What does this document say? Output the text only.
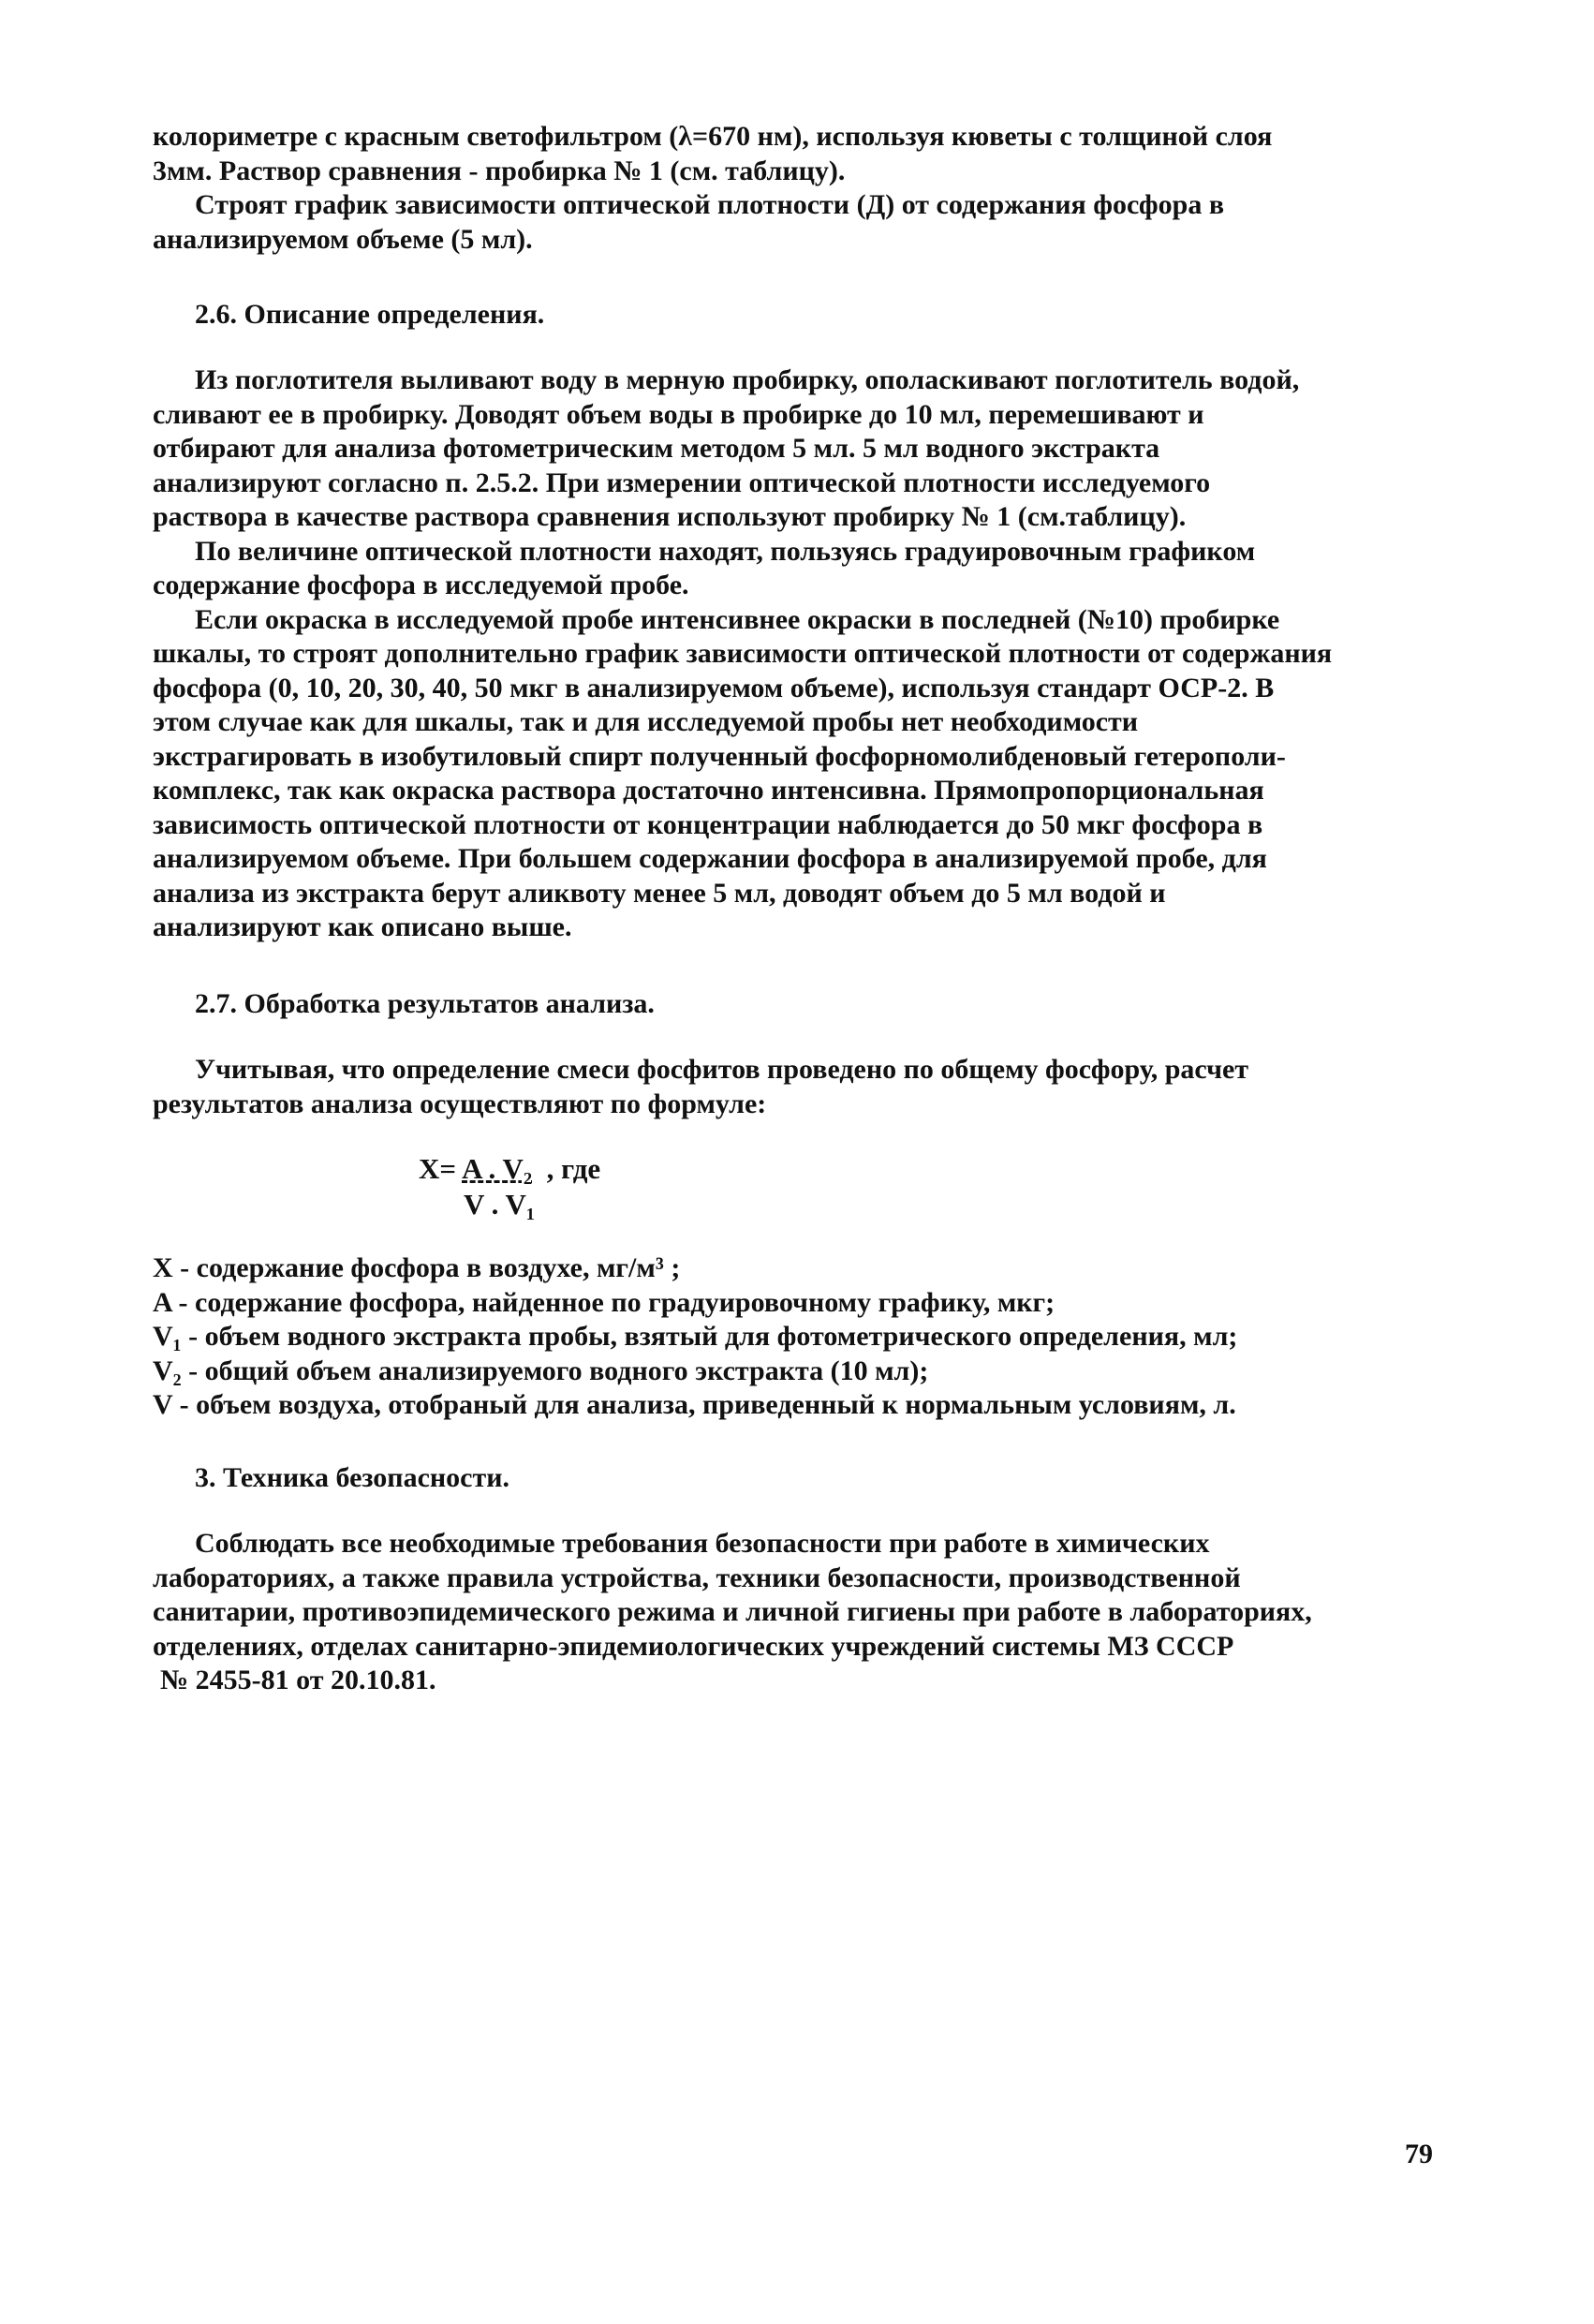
колориметре с красным светофильтром (λ=670 нм), используя кюветы с толщиной слоя
3мм. Раствор сравнения - пробирка № 1 (см. таблицу).
Строят график зависимости оптической плотности (Д) от содержания фосфора в
анализируемом объеме (5 мл).
2.6. Описание определения.
Из поглотителя выливают воду в мерную пробирку, ополаскивают поглотитель водой,
сливают ее в пробирку. Доводят объем воды в пробирке до 10 мл, перемешивают и
отбирают для анализа фотометрическим методом 5 мл. 5 мл водного экстракта
анализируют согласно п. 2.5.2. При измерении оптической плотности исследуемого
раствора в качестве раствора сравнения используют пробирку № 1 (см.таблицу).
По величине оптической плотности находят, пользуясь градуировочным графиком
содержание фосфора в исследуемой пробе.
Если окраска в исследуемой пробе интенсивнее окраски в последней (№10) пробирке
шкалы, то строят дополнительно график зависимости оптической плотности от содержания
фосфора (0, 10, 20, 30, 40, 50 мкг в анализируемом объеме), используя стандарт ОСР-2. В
этом случае как для шкалы, так и для исследуемой пробы нет необходимости
экстрагировать в изобутиловый спирт полученный фосфорномолибденовый гетерополи-
комплекс, так как окраска раствора достаточно интенсивна. Прямопропорциональная
зависимость оптической плотности от концентрации наблюдается до 50 мкг фосфора в
анализируемом объеме. При большем содержании фосфора в анализируемой пробе, для
анализа из экстракта берут аликвоту менее 5 мл, доводят объем до 5 мл водой и
анализируют как описано выше.
2.7. Обработка результатов анализа.
Учитывая, что определение смеси фосфитов проведено по общему фосфору, расчет
результатов анализа осуществляют по формуле:
X= A . V₂ , где
V . V₁
X - содержание фосфора в воздухе, мг/м³ ;
A - содержание фосфора, найденное по градуировочному графику, мкг;
V₁ - объем водного экстракта пробы, взятый для фотометрического определения, мл;
V₂ - общий объем анализируемого водного экстракта (10 мл);
V - объем воздуха, отобраный для анализа, приведенный к нормальным условиям, л.
3. Техника безопасности.
Соблюдать все необходимые требования безопасности при работе в химических
лабораториях, а также правила устройства, техники безопасности, производственной
санитарии, противоэпидемического режима и личной гигиены при работе в лабораториях,
отделениях, отделах санитарно-эпидемиологических учреждений системы МЗ СССР
№ 2455-81 от 20.10.81.
79
